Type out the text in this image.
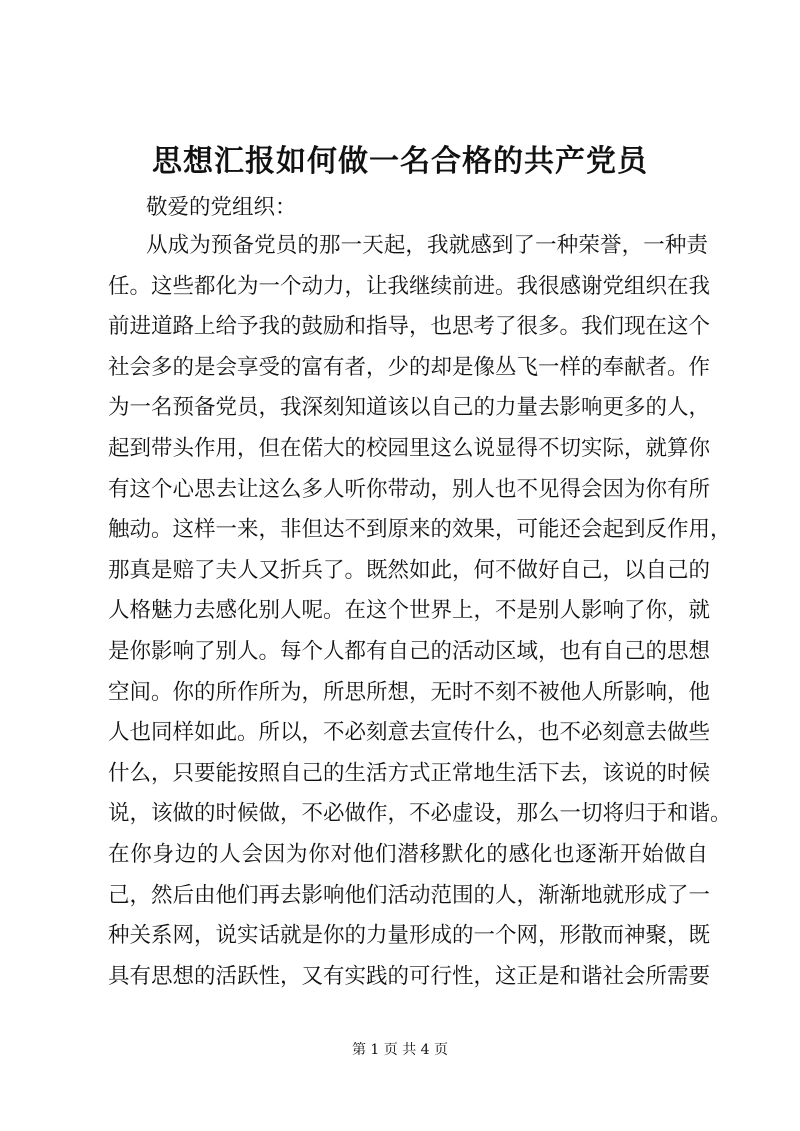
思想汇报如何做一名合格的共产党员
敬爱的党组织：
从成为预备党员的那一天起，我就感到了一种荣誉，一种责
任。这些都化为一个动力，让我继续前进。我很感谢党组织在我
前进道路上给予我的鼓励和指导，也思考了很多。我们现在这个
社会多的是会享受的富有者，少的却是像丛飞一样的奉献者。作
为一名预备党员，我深刻知道该以自己的力量去影响更多的人，
起到带头作用，但在偌大的校园里这么说显得不切实际，就算你
有这个心思去让这么多人听你带动，别人也不见得会因为你有所
触动。这样一来，非但达不到原来的效果，可能还会起到反作用，
那真是赔了夫人又折兵了。既然如此，何不做好自己，以自己的
人格魅力去感化别人呢。在这个世界上，不是别人影响了你，就
是你影响了别人。每个人都有自己的活动区域，也有自己的思想
空间。你的所作所为，所思所想，无时不刻不被他人所影响，他
人也同样如此。所以，不必刻意去宣传什么，也不必刻意去做些
什么，只要能按照自己的生活方式正常地生活下去，该说的时候
说，该做的时候做，不必做作，不必虚设，那么一切将归于和谐。
在你身边的人会因为你对他们潜移默化的感化也逐渐开始做自
己，然后由他们再去影响他们活动范围的人，渐渐地就形成了一
种关系网，说实话就是你的力量形成的一个网，形散而神聚，既
具有思想的活跃性，又有实践的可行性，这正是和谐社会所需要
第 1 页 共 4 页
